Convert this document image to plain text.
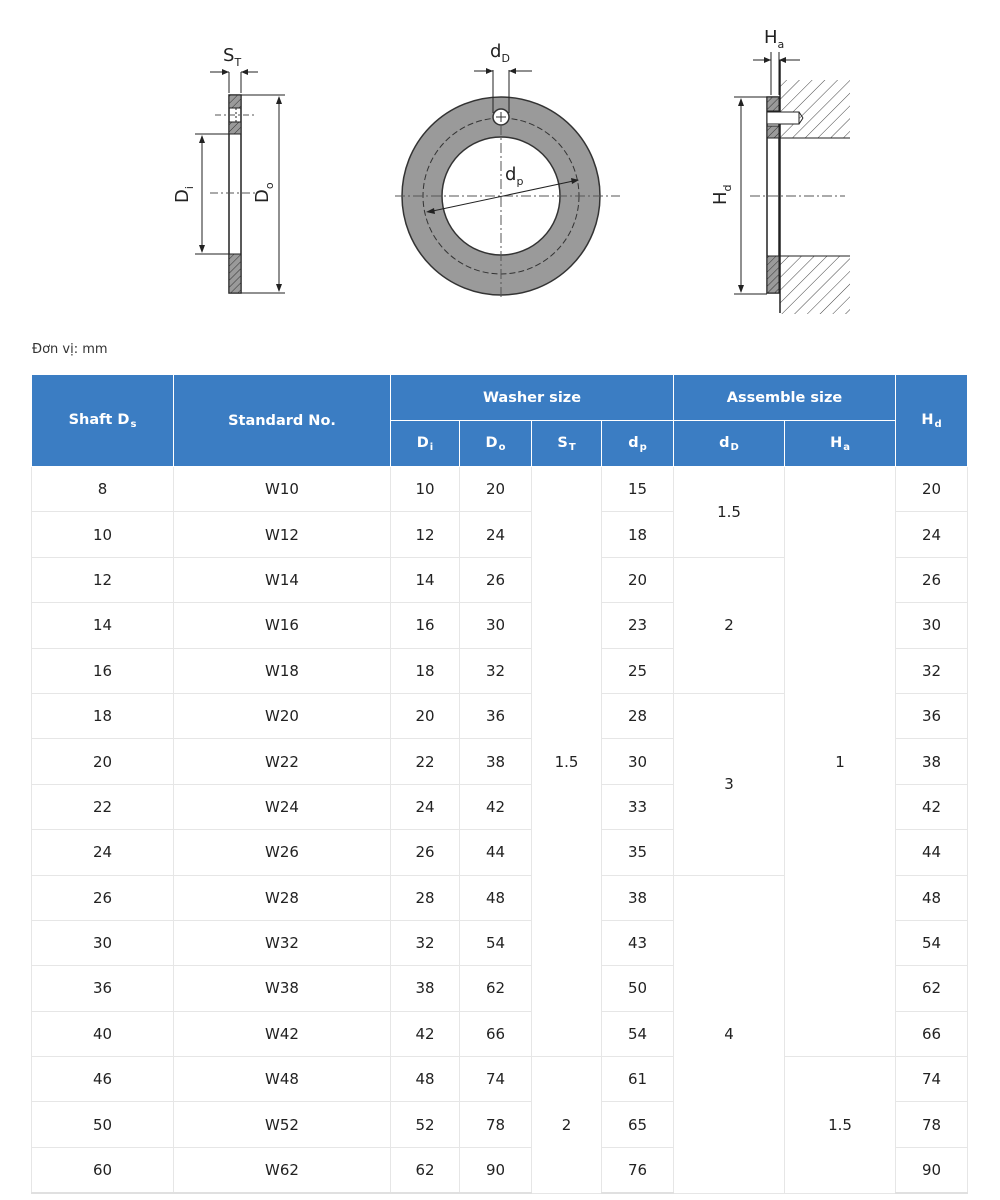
$S_T$
$D_i$
$D_o$
$d_D$
$d_p$
$H_a$
$H_d$
Đơn vị: mm
Shaft $D_s$	Standard No.	Washer size				Assemble size		$H_d$
		$D_i$	$D_o$	$S_T$	$d_p$	$d_D$	$H_a$
8	W10	10	20	1.5	15	1.5	1	20
10	W12	12	24		18			24
12	W14	14	26		20	2		26
14	W16	16	30		23			30
16	W18	18	32		25			32
18	W20	20	36		28	3		36
20	W22	22	38		30			38
22	W24	24	42		33			42
24	W26	26	44		35			44
26	W28	28	48		38	4		48
30	W32	32	54		43			54
36	W38	38	62		50			62
40	W42	42	66		54			66
46	W48	48	74	2	61		1.5	74
50	W52	52	78		65			78
60	W62	62	90		76			90
